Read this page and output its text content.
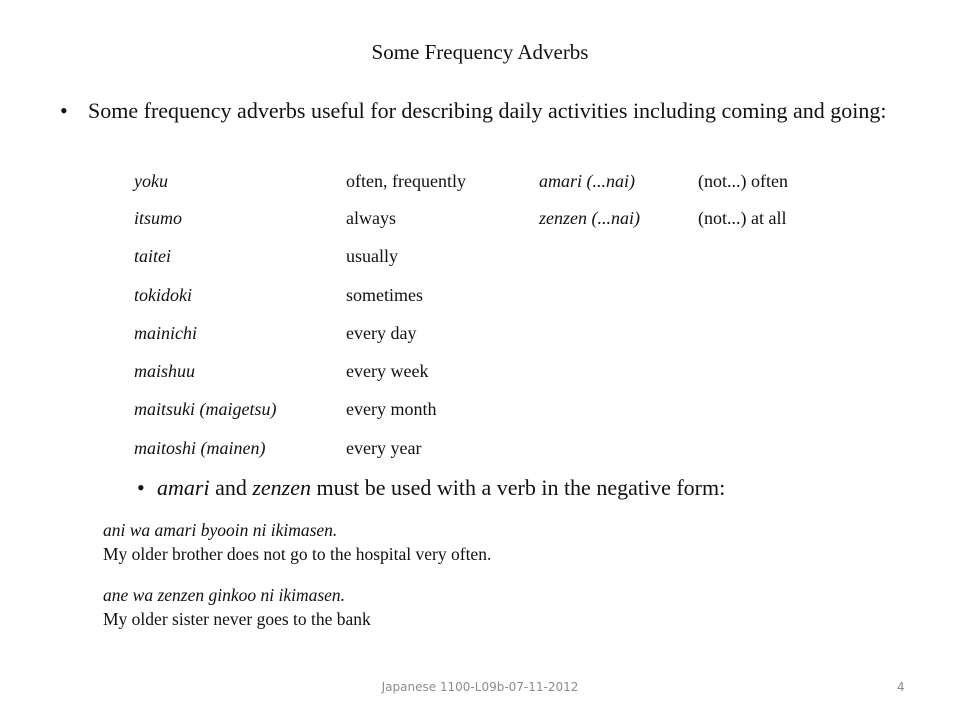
Some Frequency Adverbs
• Some frequency adverbs useful for describing daily activities including coming and going:
yoku	often, frequently	amari (...nai)	(not...) often
itsumo	always	zenzen (...nai)	(not...) at all
taitei	usually
tokidoki	sometimes
mainichi	every day
maishuu	every week
maitsuki (maigetsu)	every month
maitoshi (mainen)	every year
• amari and zenzen must be used with a verb in the negative form:
ani wa amari byooin ni ikimasen.
My older brother does not go to the hospital very often.
ane wa zenzen ginkoo ni ikimasen.
My older sister never goes to the bank
Japanese 1100-L09b-07-11-2012	4
